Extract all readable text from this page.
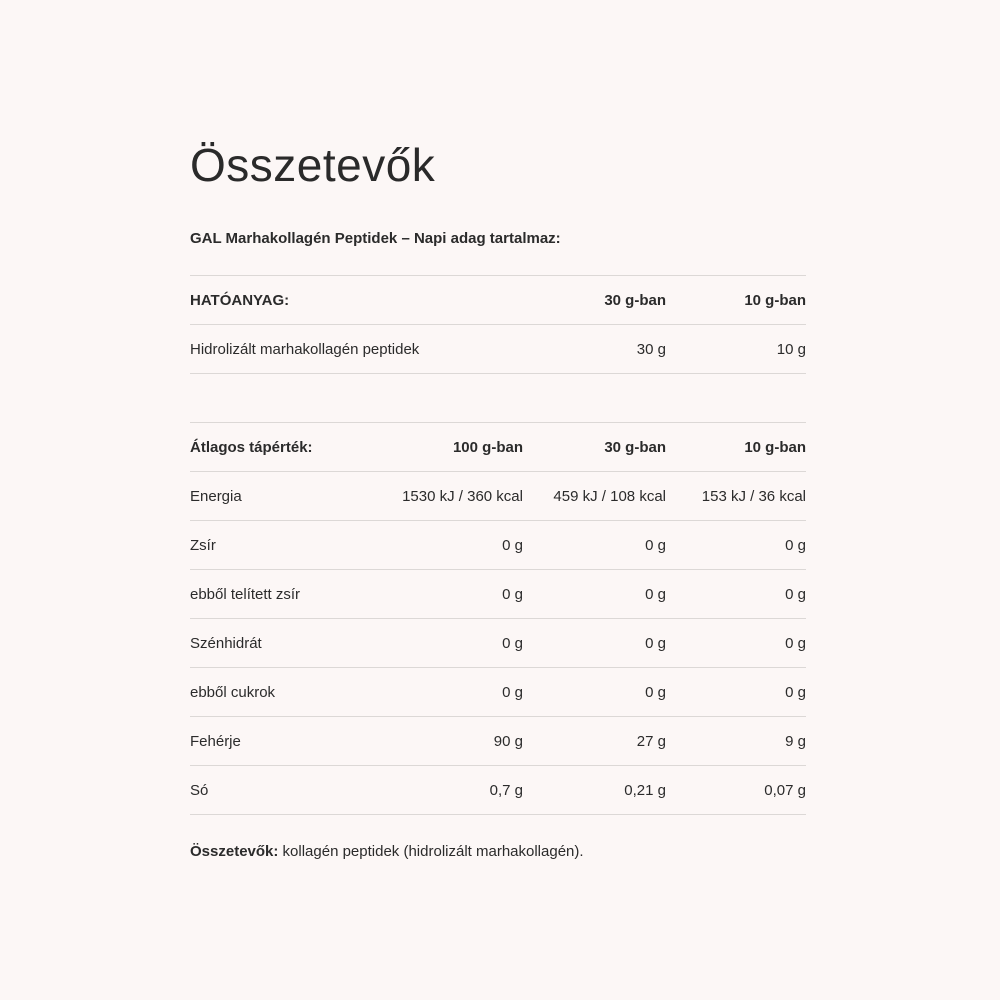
Összetevők
GAL Marhakollagén Peptidek – Napi adag tartalmaz:
HATÓANYAG:	30 g-ban	10 g-ban
Hidrolizált marhakollagén peptidek	30 g	10 g
Átlagos tápérték:	100 g-ban	30 g-ban	10 g-ban
Energia	1530 kJ / 360 kcal	459 kJ / 108 kcal	153 kJ / 36 kcal
Zsír	0 g	0 g	0 g
ebből telített zsír	0 g	0 g	0 g
Szénhidrát	0 g	0 g	0 g
ebből cukrok	0 g	0 g	0 g
Fehérje	90 g	27 g	9 g
Só	0,7 g	0,21 g	0,07 g
Összetevők: kollagén peptidek (hidrolizált marhakollagén).
